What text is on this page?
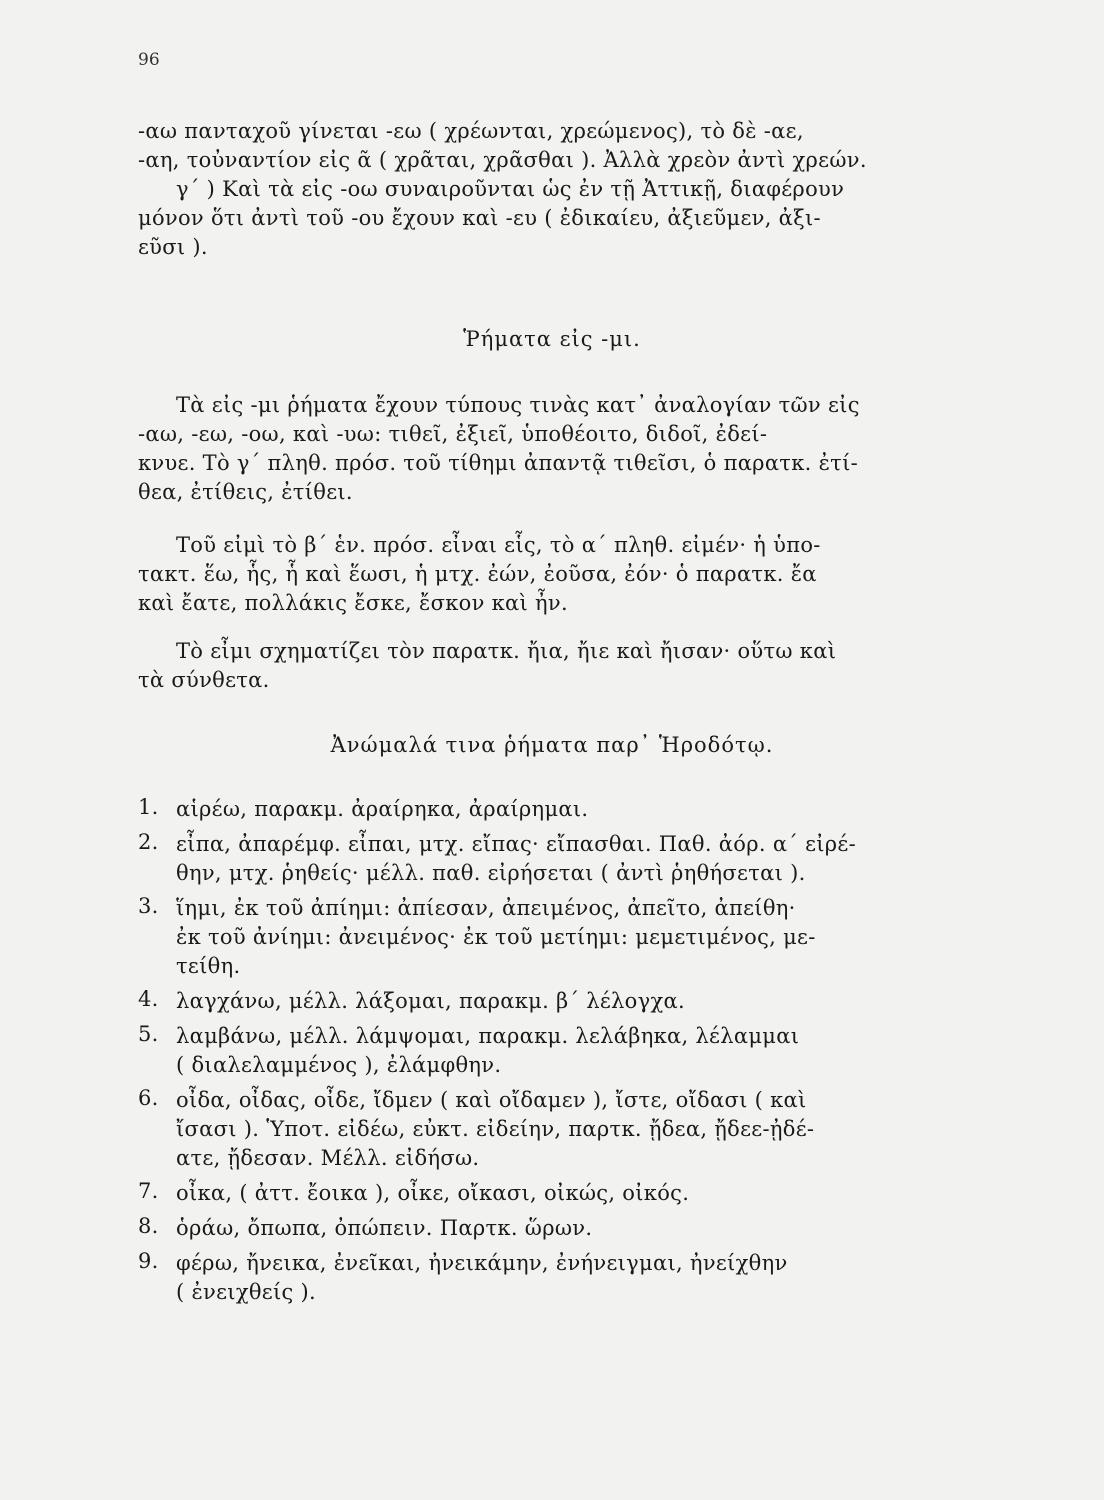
96
-αω πανταχοῦ γίνεται -εω ( χρέωνται, χρεώμενος), τὸ δὲ -αε,
-αη, τοὐναντίον εἰς ᾶ ( χρᾶται, χρᾶσθαι ). Ἀλλὰ χρεὸν ἀντὶ χρεών.
γ΄ ) Καὶ τὰ εἰς -οω συναιροῦνται ὡς ἐν τῇ Ἀττικῇ, διαφέρουν
μόνον ὅτι ἀντὶ τοῦ -ου ἔχουν καὶ -ευ ( ἐδικαίευ, ἀξιεῦμεν, ἀξι-
εῦσι ).
Ῥήματα εἰς -μι.
Τὰ εἰς -μι ῥήματα ἔχουν τύπους τινὰς κατ᾽ ἀναλογίαν τῶν εἰς
-αω, -εω, -οω, καὶ -υω: τιθεῖ, ἐξιεῖ, ὑποθέοιτο, διδοῖ, ἐδεί-
κνυε. Τὸ γ΄ πληθ. πρόσ. τοῦ τίθημι ἀπαντᾷ τιθεῖσι, ὁ παρατκ. ἐτί-
θεα, ἐτίθεις, ἐτίθει.
Τοῦ εἰμὶ τὸ β΄ ἑν. πρόσ. εἶναι εἷς, τὸ α΄ πληθ. εἰμέν· ἡ ὑπο-
τακτ. ἕω, ἧς, ἧ καὶ ἕωσι, ἡ μτχ. ἐών, ἐοῦσα, ἐόν· ὁ παρατκ. ἔα
καὶ ἔατε, πολλάκις ἔσκε, ἔσκον καὶ ἦν.
Τὸ εἶμι σχηματίζει τὸν παρατκ. ἤια, ἤιε καὶ ἤισαν· οὕτω καὶ
τὰ σύνθετα.
Ἀνώμαλά τινα ῥήματα παρ᾽ Ἡροδότῳ.
1. αἱρέω, παρακμ. ἀραίρηκα, ἀραίρημαι.
2. εἶπα, ἀπαρέμφ. εἶπαι, μτχ. εἴπας· εἴπασθαι. Παθ. ἀόρ. α΄ εἰρέ-
θην, μτχ. ῥηθείς· μέλλ. παθ. εἰρήσεται ( ἀντὶ ῥηθήσεται ).
3. ἵημι, ἐκ τοῦ ἀπίημι: ἀπίεσαν, ἀπειμένος, ἀπεῖτο, ἀπείθη·
ἐκ τοῦ ἀνίημι: ἀνειμένος· ἐκ τοῦ μετίημι: μεμετιμένος, με-
τείθη.
4. λαγχάνω, μέλλ. λάξομαι, παρακμ. β΄ λέλογχα.
5. λαμβάνω, μέλλ. λάμψομαι, παρακμ. λελάβηκα, λέλαμμαι
( διαλελαμμένος ), ἐλάμφθην.
6. οἶδα, οἶδας, οἶδε, ἴδμεν ( καὶ οἴδαμεν ), ἴστε, οἴδασι ( καὶ
ἴσασι ). Ὑποτ. εἰδέω, εὐκτ. εἰδείην, παρτκ. ᾔδεα, ᾔδεε-ᾐδέ-
ατε, ᾔδεσαν. Μέλλ. εἰδήσω.
7. οἶκα, ( ἀττ. ἔοικα ), οἶκε, οἴκασι, οἰκώς, οἰκός.
8. ὁράω, ὄπωπα, ὀπώπειν. Παρτκ. ὥρων.
9. φέρω, ἤνεικα, ἐνεῖκαι, ἠνεικάμην, ἐνήνειγμαι, ἠνείχθην
( ἐνειχθείς ).
